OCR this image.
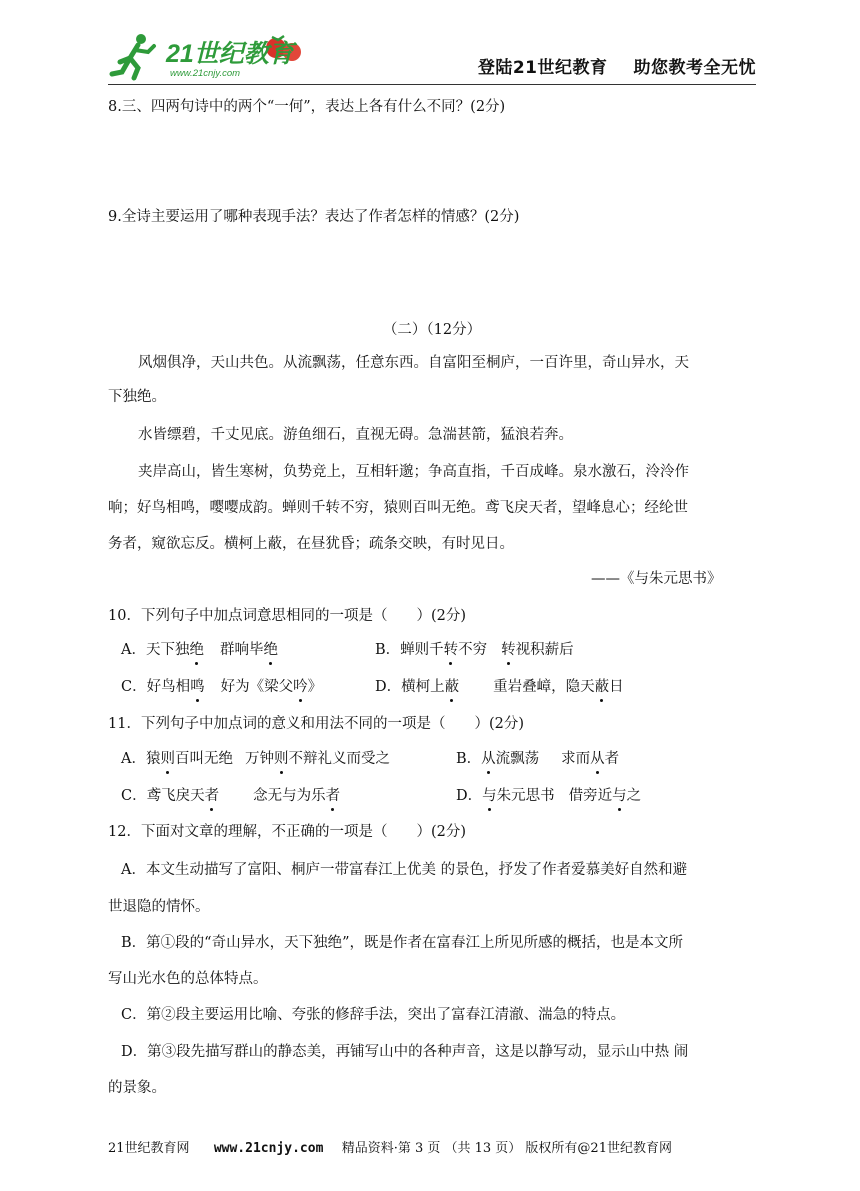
21世纪教育
www.21cnjy.com	登陆21世纪教育 助您教考全无忧
8.三、四两句诗中的两个“一何”，表达上各有什么不同？(2分)
9.全诗主要运用了哪种表现手法？表达了作者怎样的情感？(2分)
（二）（12分）
风烟俱净，天山共色。从流飘荡，任意东西。自富阳至桐庐，一百许里，奇山异水，天
下独绝。
水皆缥碧，千丈见底。游鱼细石，直视无碍。急湍甚箭，猛浪若奔。
夹岸高山，皆生寒树，负势竞上，互相轩邈；争高直指，千百成峰。泉水激石，泠泠作
响；好鸟相鸣，嘤嘤成韵。蝉则千转不穷，猿则百叫无绝。鸢飞戾天者，望峰息心；经纶世
务者，窥欲忘反。横柯上蔽，在昼犹昏；疏条交映，有时见日。
——《与朱元思书》
10．下列句子中加点词意思相同的一项是（　　）(2分)
A．天下独绝 群响毕绝	B．蝉则千转不穷 转视积薪后
C．好鸟相鸣 好为《梁父吟》	D．横柯上蔽 重岩叠嶂，隐天蔽日
11．下列句子中加点词的意义和用法不同的一项是（　　）(2分)
A．猿则百叫无绝 万钟则不辩礼义而受之	B．从流飘荡 求而从者
C．鸢飞戾天者 念无与为乐者	D．与朱元思书 借旁近与之
12．下面对文章的理解，不正确的一项是（　　）(2分)
A．本文生动描写了富阳、桐庐一带富春江上优美 的景色，抒发了作者爱慕美好自然和避
世退隐的情怀。
B．第①段的“奇山异水，天下独绝”，既是作者在富春江上所见所感的概括，也是本文所
写山光水色的总体特点。
C．第②段主要运用比喻、夸张的修辞手法，突出了富春江清澈、湍急的特点。
D．第③段先描写群山的静态美，再铺写山中的各种声音，这是以静写动，显示山中热 闹
的景象。
21世纪教育网 www.21cnjy.com 精品资料·第 3 页 （共 13 页） 版权所有@21世纪教育网
